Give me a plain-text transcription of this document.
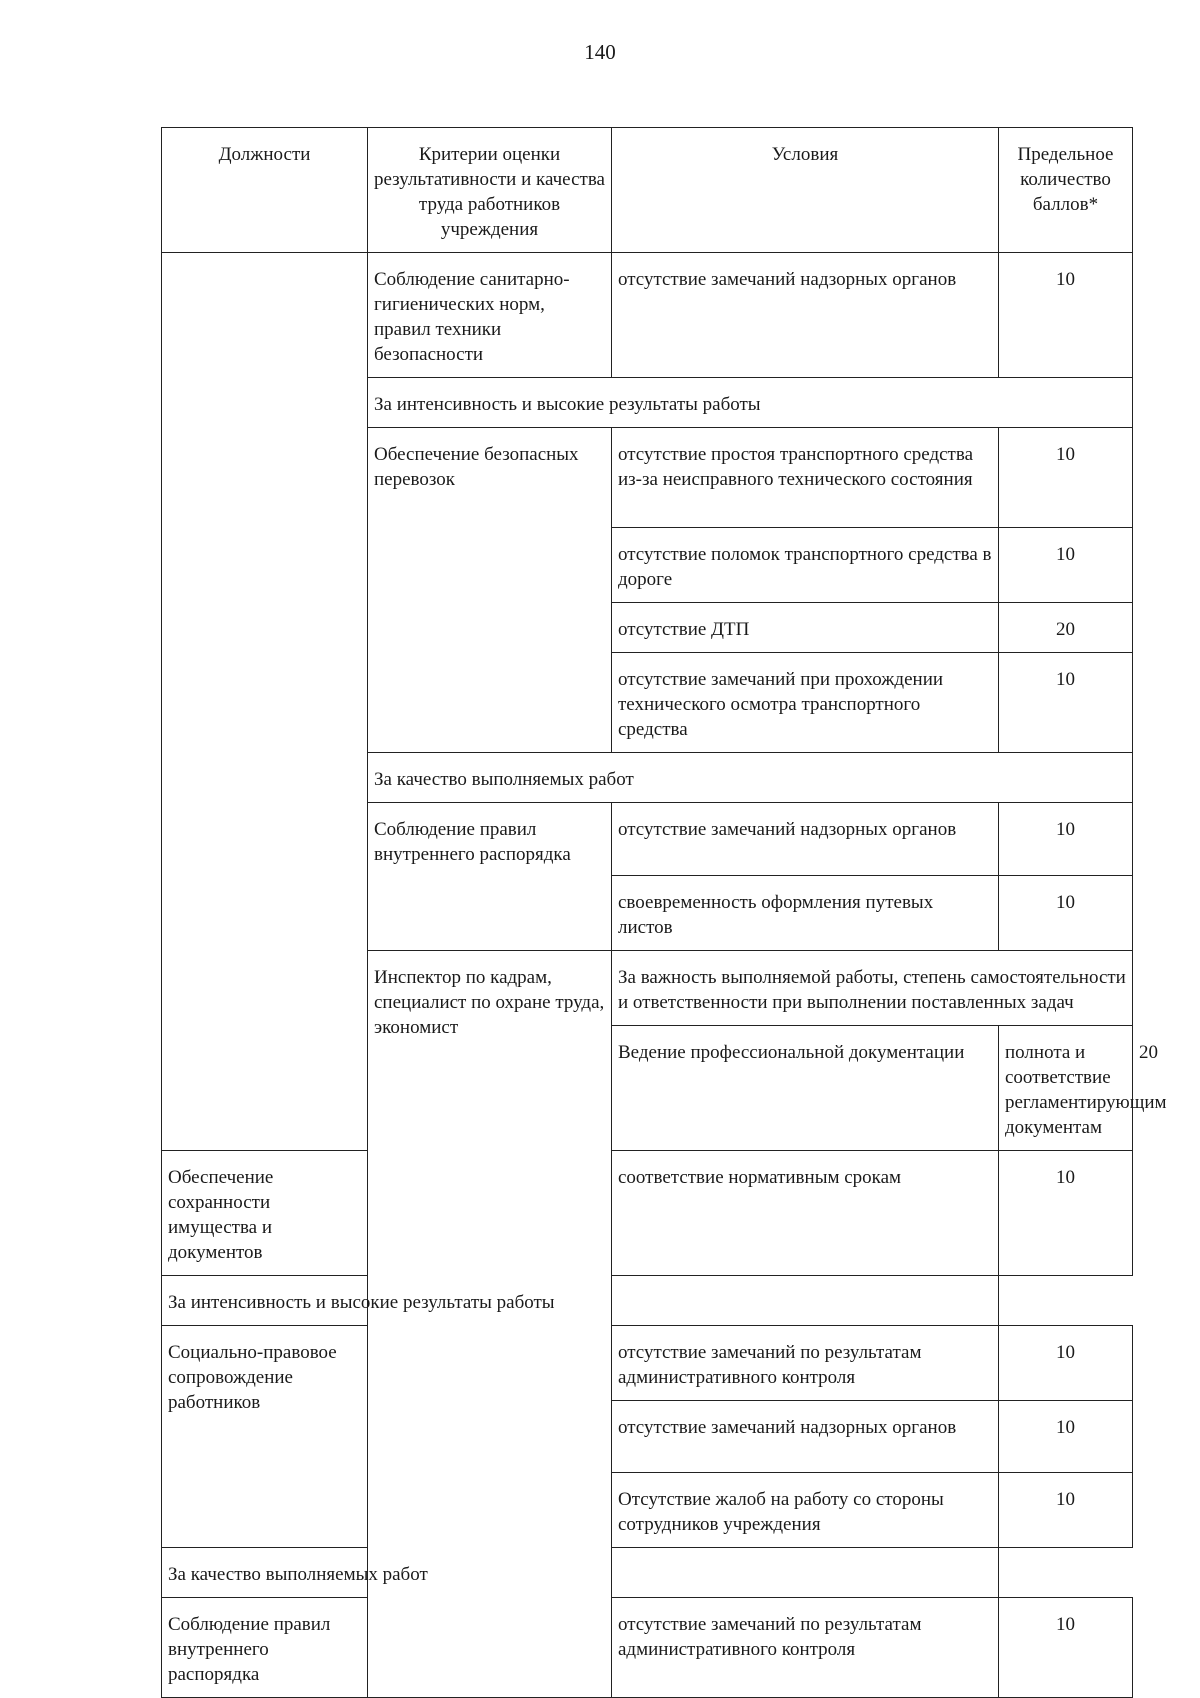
140
Должности	Критерии оценки результативности и качества труда работников учреждения	Условия	Предельное количество баллов*	
	Соблюдение санитарно-гигиенических норм, правил техники безопасности	отсутствие замечаний надзорных органов	10	
	За интенсивность и высокие результаты работы			
	Обеспечение безопасных перевозок	отсутствие простоя транспортного средства из-за неисправного технического состояния	10	
		отсутствие поломок транспортного средства в дороге	10	
		отсутствие ДТП	20	
		отсутствие замечаний при прохождении технического осмотра транспортного средства	10	
	За качество выполняемых работ			
	Соблюдение правил внутреннего распорядка	отсутствие замечаний надзорных органов	10	
		своевременность оформления путевых листов	10	
	Инспектор по кадрам, специалист по охране труда, экономист	За важность выполняемой работы, степень самостоятельности и ответственности при выполнении поставленных задач		
		Ведение профессиональной документации	полнота и соответствие регламентирующим документам	20
Обеспечение сохранности имущества и документов		соответствие нормативным срокам	10	
За интенсивность и высокие результаты работы				
Социально-правовое сопровождение работников		отсутствие замечаний по результатам административного контроля	10	
		отсутствие замечаний надзорных органов	10	
		Отсутствие жалоб на работу со стороны сотрудников учреждения	10	
За качество выполняемых работ				
Соблюдение правил внутреннего распорядка		отсутствие замечаний по результатам административного контроля	10	
